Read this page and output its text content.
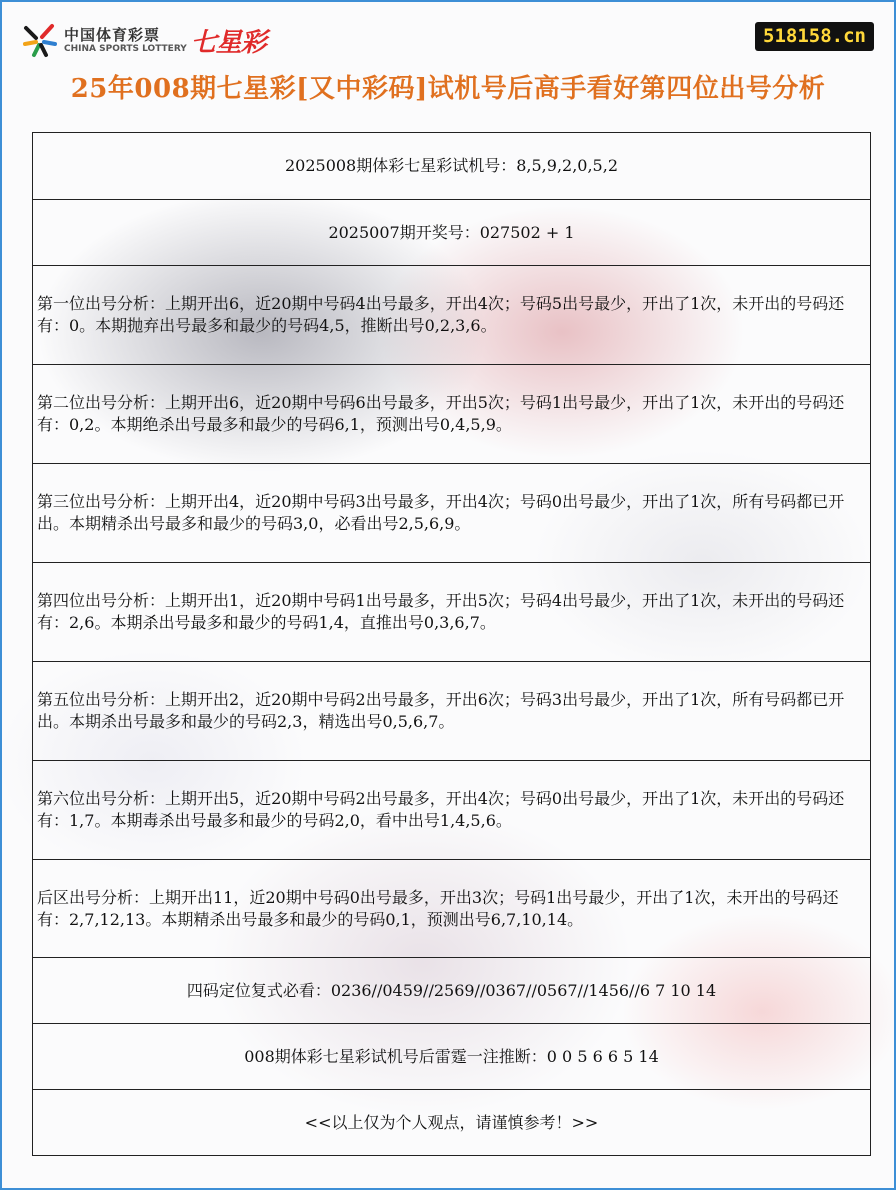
中国体育彩票
CHINA SPORTS LOTTERY 七星彩	518158.cn
25年008期七星彩[又中彩码]试机号后高手看好第四位出号分析
2025008期体彩七星彩试机号：8,5,9,2,0,5,2
2025007期开奖号：027502 + 1
第一位出号分析：上期开出6，近20期中号码4出号最多，开出4次；号码5出号最少，开出了1次，未开出的号码还有：0。本期抛弃出号最多和最少的号码4,5，推断出号0,2,3,6。
第二位出号分析：上期开出6，近20期中号码6出号最多，开出5次；号码1出号最少，开出了1次，未开出的号码还有：0,2。本期绝杀出号最多和最少的号码6,1，预测出号0,4,5,9。
第三位出号分析：上期开出4，近20期中号码3出号最多，开出4次；号码0出号最少，开出了1次，所有号码都已开出。本期精杀出号最多和最少的号码3,0，必看出号2,5,6,9。
第四位出号分析：上期开出1，近20期中号码1出号最多，开出5次；号码4出号最少，开出了1次，未开出的号码还有：2,6。本期杀出号最多和最少的号码1,4，直推出号0,3,6,7。
第五位出号分析：上期开出2，近20期中号码2出号最多，开出6次；号码3出号最少，开出了1次，所有号码都已开出。本期杀出号最多和最少的号码2,3，精选出号0,5,6,7。
第六位出号分析：上期开出5，近20期中号码2出号最多，开出4次；号码0出号最少，开出了1次，未开出的号码还有：1,7。本期毒杀出号最多和最少的号码2,0，看中出号1,4,5,6。
后区出号分析：上期开出11，近20期中号码0出号最多，开出3次；号码1出号最少，开出了1次，未开出的号码还有：2,7,12,13。本期精杀出号最多和最少的号码0,1，预测出号6,7,10,14。
四码定位复式必看：0236//0459//2569//0367//0567//1456//6 7 10 14
008期体彩七星彩试机号后雷霆一注推断：0 0 5 6 6 5 14
<<以上仅为个人观点，请谨慎参考！>>
